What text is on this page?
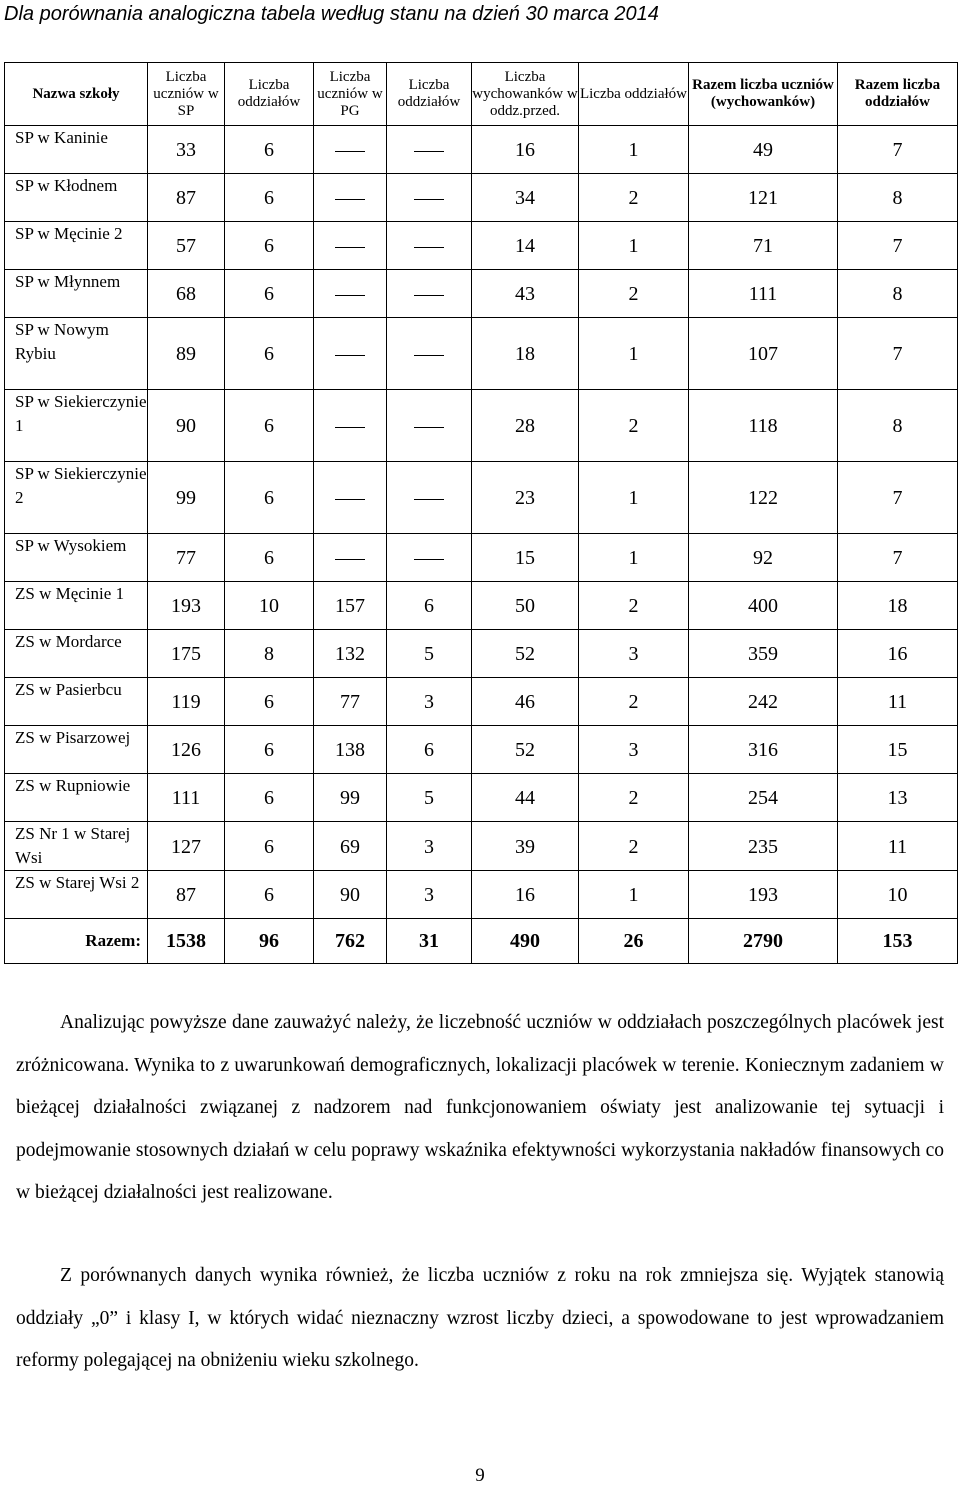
Dla porównania analogiczna tabela według stanu na dzień 30 marca 2014
Nazwa szkoły	Liczba uczniów w SP	Liczba oddziałów	Liczba uczniów w PG	Liczba oddziałów	Liczba wychowanków w oddz.przed.	Liczba oddziałów	Razem liczba uczniów (wychowanków)	Razem liczba oddziałów
SP w Kaninie	33	6			16	1	49	7
SP w Kłodnem	87	6			34	2	121	8
SP w Męcinie 2	57	6			14	1	71	7
SP w Młynnem	68	6			43	2	111	8
SP w Nowym Rybiu	89	6			18	1	107	7
SP w Siekierczynie 1	90	6			28	2	118	8
SP w Siekierczynie 2	99	6			23	1	122	7
SP w Wysokiem	77	6			15	1	92	7
ZS w Męcinie 1	193	10	157	6	50	2	400	18
ZS w Mordarce	175	8	132	5	52	3	359	16
ZS w Pasierbcu	119	6	77	3	46	2	242	11
ZS w Pisarzowej	126	6	138	6	52	3	316	15
ZS w Rupniowie	111	6	99	5	44	2	254	13
ZS Nr 1 w Starej Wsi	127	6	69	3	39	2	235	11
ZS w Starej Wsi 2	87	6	90	3	16	1	193	10
Razem:	1538	96	762	31	490	26	2790	153

Analizując powyższe dane zauważyć należy, że liczebność uczniów w oddziałach poszczególnych placówek jest zróżnicowana. Wynika to z uwarunkowań demograficznych, lokalizacji placówek w terenie. Koniecznym zadaniem w bieżącej działalności związanej z nadzorem nad funkcjonowaniem oświaty jest analizowanie tej sytuacji i podejmowanie stosownych działań w celu poprawy wskaźnika efektywności wykorzystania nakładów finansowych co w bieżącej działalności jest realizowane.

Z porównanych danych wynika również, że liczba uczniów z roku na rok zmniejsza się. Wyjątek stanowią oddziały „0” i klasy I, w których widać nieznaczny wzrost liczby dzieci, a spowodowane to jest wprowadzaniem reformy polegającej na obniżeniu wieku szkolnego.

9
